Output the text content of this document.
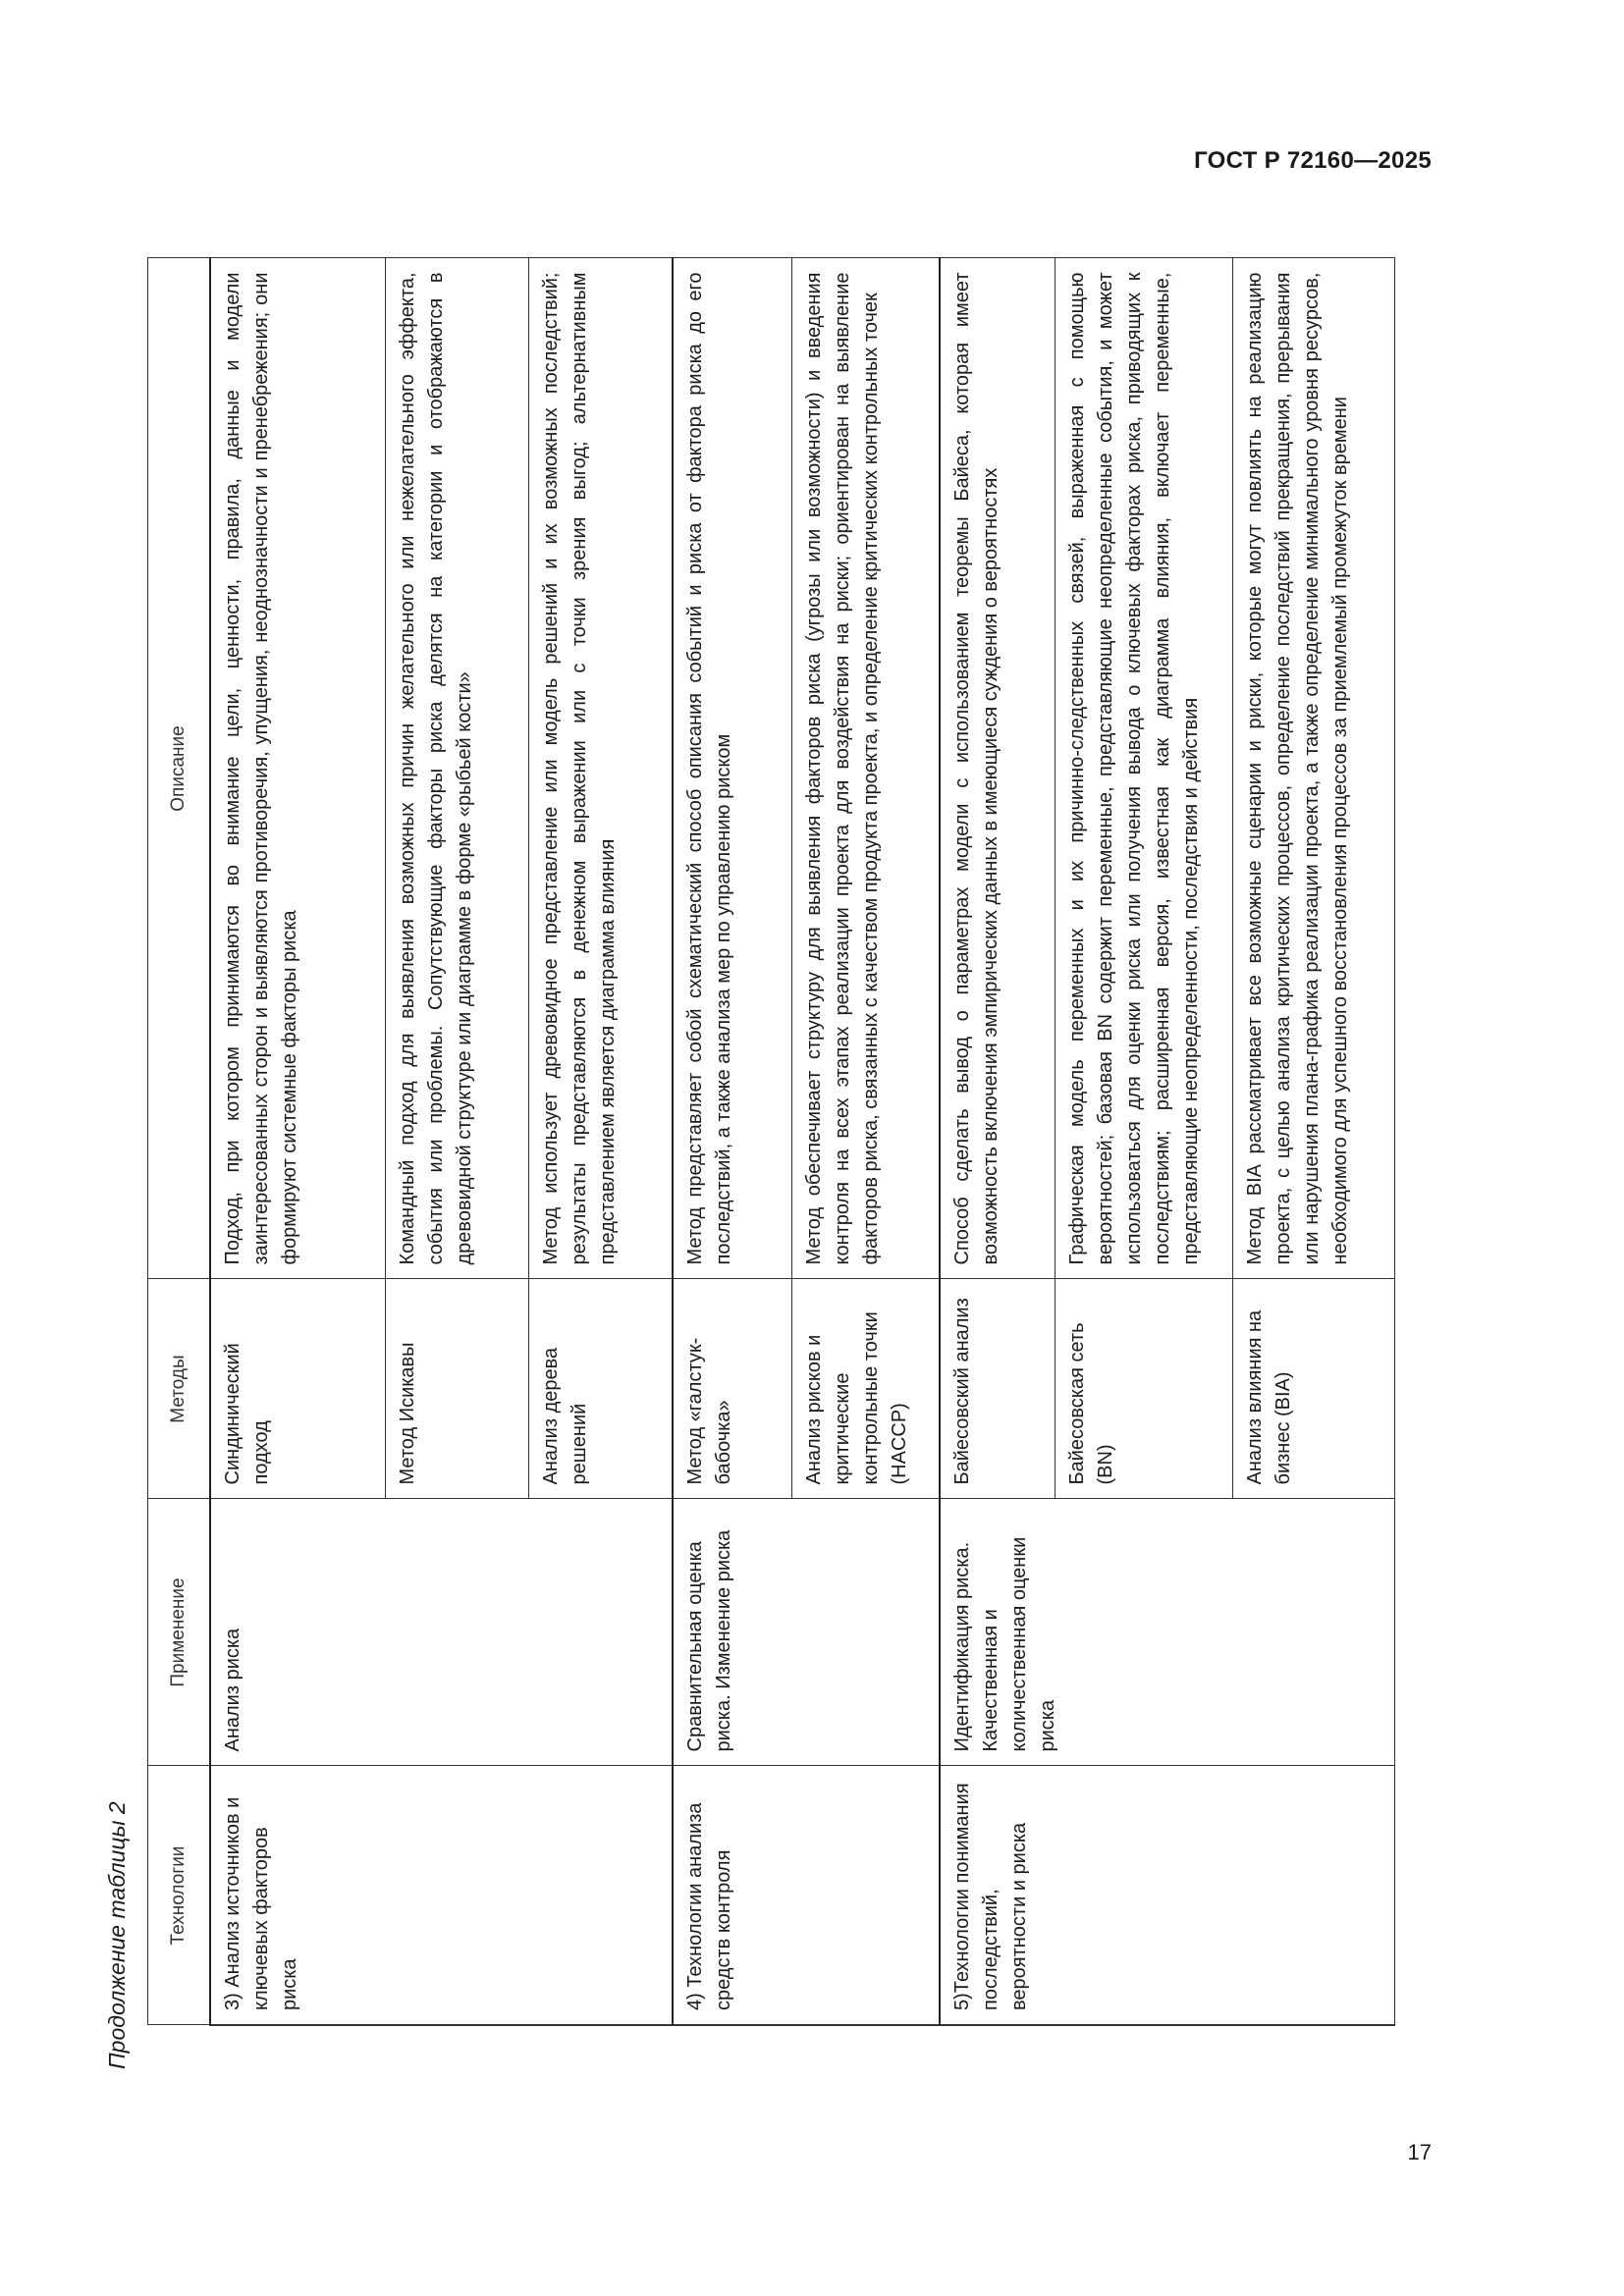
ГОСТ Р 72160—2025
17
Продолжение таблицы 2 Технологии	Применение	Методы	Описание
3) Анализ источников и ключевых факторов риска	Анализ риска	Синдинический подход	Подход, при котором принимаются во внимание цели, ценности, правила, данные и модели заинтересованных сторон и выявляются противоречия, упущения, неоднозначности и пренебрежения; они формируют системные факторы риска
		Метод Исикавы	Командный подход для выявления возможных причин желательного или нежелательного эффекта, события или проблемы. Сопутствующие факторы риска делятся на категории и отображаются в древовидной структуре или диаграмме в форме «рыбьей кости»
		Анализ дерева решений	Метод использует древовидное представление или модель решений и их возможных последствий; результаты представляются в денежном выражении или с точки зрения выгод; альтернативным представлением является диаграмма влияния
4) Технологии анализа средств контроля	Сравнительная оценка риска. Изменение риска	Метод «галстук-бабочка»	Метод представляет собой схематический способ описания событий и риска от фактора риска до его последствий, а также анализа мер по управлению риском
		Анализ рисков и критические контрольные точки (HACCP)	Метод обеспечивает структуру для выявления факторов риска (угрозы или возможности) и введения контроля на всех этапах реализации проекта для воздействия на риски; ориентирован на выявление факторов риска, связанных с качеством продукта проекта, и определение критических контрольных точек
5)Технологии понимания последствий, вероятности и риска	Идентификация риска. Качественная и количественная оценки риска	Байесовский анализ	Способ сделать вывод о параметрах модели с использованием теоремы Байеса, которая имеет возможность включения эмпирических данных в имеющиеся суждения о вероятностях
		Байесовская сеть (BN)	Графическая модель переменных и их причинно-следственных связей, выраженная с помощью вероятностей; базовая BN содержит переменные, представляющие неопределенные события, и может использоваться для оценки риска или получения вывода о ключевых факторах риска, приводящих к последствиям; расширенная версия, известная как диаграмма влияния, включает переменные, представляющие неопределенности, последствия и действия
		Анализ влияния на бизнес (BIA)	Метод BIA рассматривает все возможные сценарии и риски, которые могут повлиять на реализацию проекта, с целью анализа критических процессов, определение последствий прекращения, прерывания или нарушения плана-графика реализации проекта, а также определение минимального уровня ресурсов, необходимого для успешного восстановления процессов за приемлемый промежуток времени
